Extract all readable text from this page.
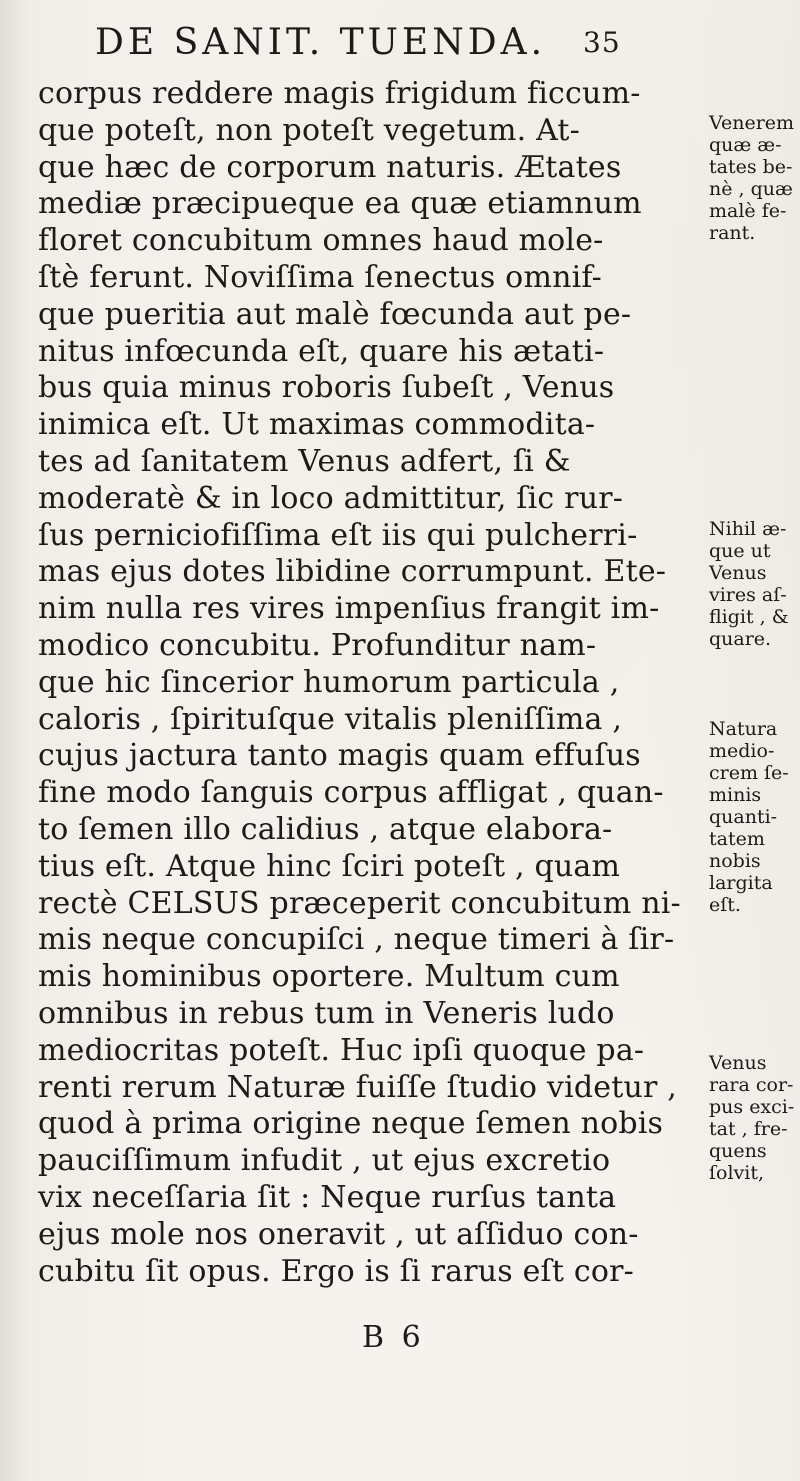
DE SANIT. TUENDA. 35
corpus reddere magis frigidum ficcum-
que poteſt, non poteſt vegetum. At-
que hæc de corporum naturis. Ætates
mediæ præcipueque ea quæ etiamnum
floret concubitum omnes haud mole-
ſtè ferunt. Noviſſima ſenectus omnif-
que pueritia aut malè fœcunda aut pe-
nitus infœcunda eſt, quare his ætati-
bus quia minus roboris ſubeſt , Venus
inimica eſt. Ut maximas commodita-
tes ad ſanitatem Venus adfert, ſi &
moderatè & in loco admittitur, ſic rur-
ſus perniciofiſſima eſt iis qui pulcherri-
mas ejus dotes libidine corrumpunt. Ete-
nim nulla res vires impenſius frangit im-
modico concubitu. Profunditur nam-
que hic ſincerior humorum particula ,
caloris , ſpirituſque vitalis pleniſſima ,
cujus jactura tanto magis quam effuſus
fine modo ſanguis corpus affligat , quan-
to ſemen illo calidius , atque elabora-
tius eſt. Atque hinc ſciri poteſt , quam
rectè CELSUS præceperit concubitum ni-
mis neque concupiſci , neque timeri à ſir-
mis hominibus oportere. Multum cum
omnibus in rebus tum in Veneris ludo
mediocritas poteſt. Huc ipſi quoque pa-
renti rerum Naturæ fuiſſe ſtudio videtur ,
quod à prima origine neque ſemen nobis
pauciſſimum infudit , ut ejus excretio
vix neceſſaria ſit : Neque rurſus tanta
ejus mole nos oneravit , ut aſſiduo con-
cubitu ſit opus. Ergo is ſi rarus eſt cor-
B 6
Venerem
quæ æ-
tates be-
nè , quæ
malè fe-
rant.
Nihil æ-
que ut
Venus
vires aſ-
fligit , &
quare.
Natura
medio-
crem ſe-
minis
quanti-
tatem
nobis
largita
eſt.
Venus
rara cor-
pus exci-
tat , fre-
quens
ſolvit,
